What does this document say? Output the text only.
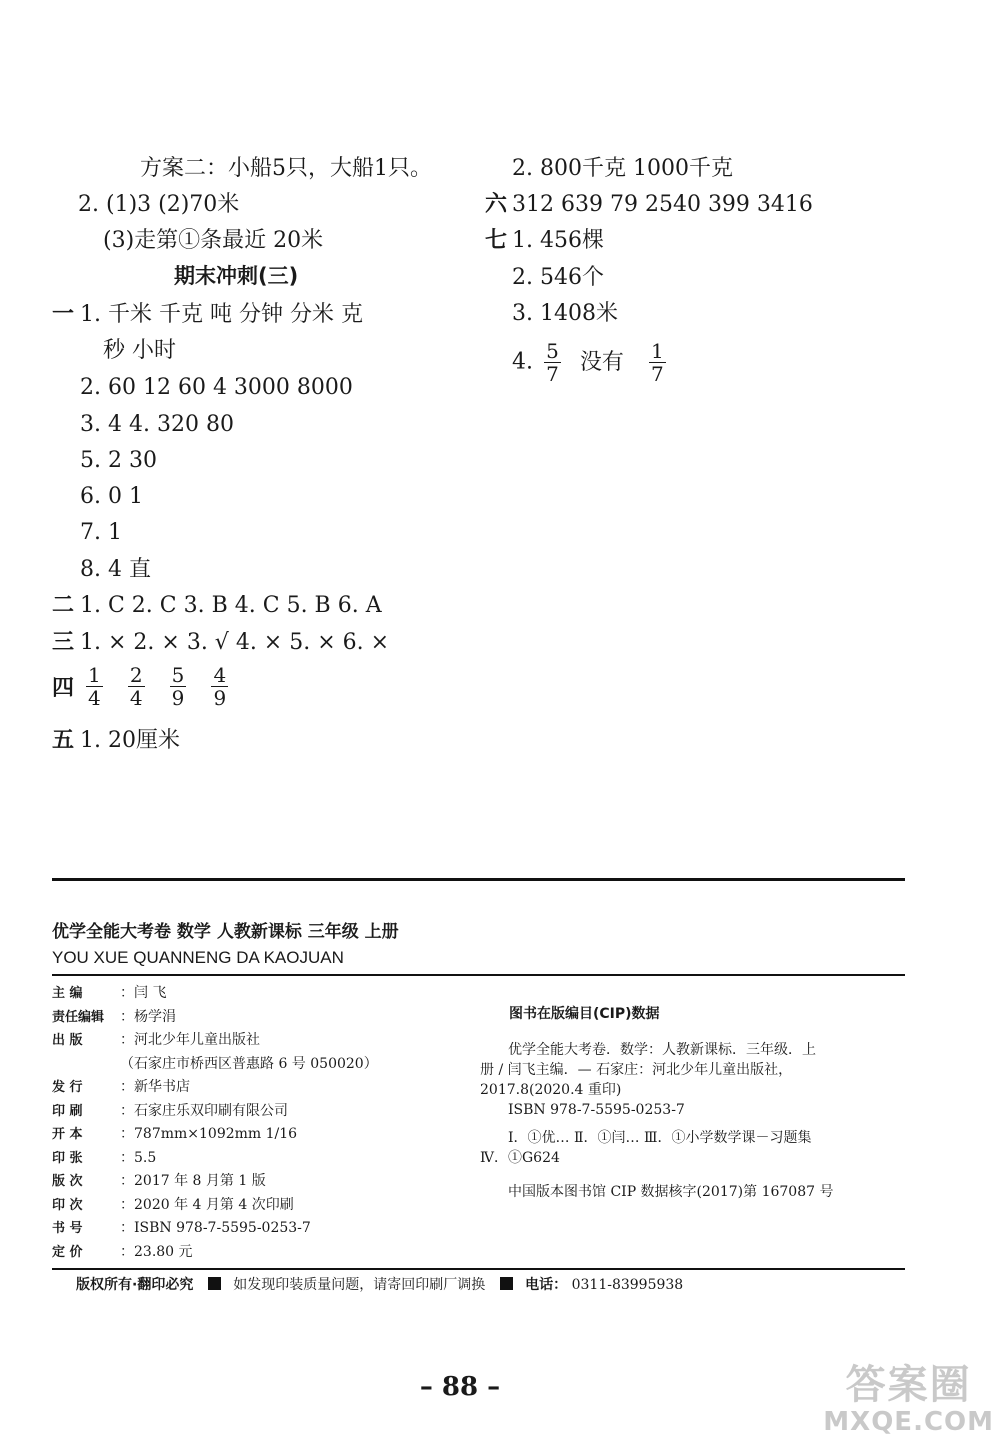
方案二：小船5只，大船1只。
2. (1)3 (2)70米
(3)走第①条最近 20米
期末冲刺(三)
一 1. 千米 千克 吨 分钟 分米 克
秒 小时
2. 60 12 60 4 3000 8000
3. 4 4. 320 80
5. 2 30
6. 0 1
7. 1
8. 4 直
二 1. C 2. C 3. B 4. C 5. B 6. A
三 1. × 2. × 3. √ 4. × 5. × 6. ×
四 $\frac{1}{4}$
$\frac{2}{4}$
$\frac{5}{9}$
$\frac{4}{9}$
五 1. 20厘米
2. 800千克 1000千克
六 312 639 79 2540 399 3416
七 1. 456棵
2. 546个
3. 1408米
4. $\frac{5}{7}$ 没有 $\frac{1}{7}$
优学全能大考卷 数学 人教新课标 三年级 上册
YOU XUE QUANNENG DA KAOJUAN
主 编	：闫 飞
责任编辑 ：杨学涓
出 版	：河北少年儿童出版社
（石家庄市桥西区普惠路 6 号 050020）
发 行	：新华书店
印 刷	：石家庄乐双印刷有限公司
开 本	：787mm×1092mm 1/16
印 张	：5.5
版 次	：2017 年 8 月第 1 版
印 次	：2020 年 4 月第 4 次印刷
书 号	：ISBN 978-7-5595-0253-7
定 价	：23.80 元
图书在版编目(CIP)数据
优学全能大考卷．数学：人教新课标．三年级．上
册 / 闫飞主编．— 石家庄：河北少年儿童出版社，
2017.8(2020.4 重印)
ISBN 978-7-5595-0253-7
Ⅰ．①优… Ⅱ．①闫… Ⅲ．①小学数学课－习题集
Ⅳ．①G624
中国版本图书馆 CIP 数据核字(2017)第 167087 号
版权所有·翻印必究	如发现印装质量问题，请寄回印刷厂调换	电话： 0311-83995938
– 88 –	答案圈
MXQE.COM
